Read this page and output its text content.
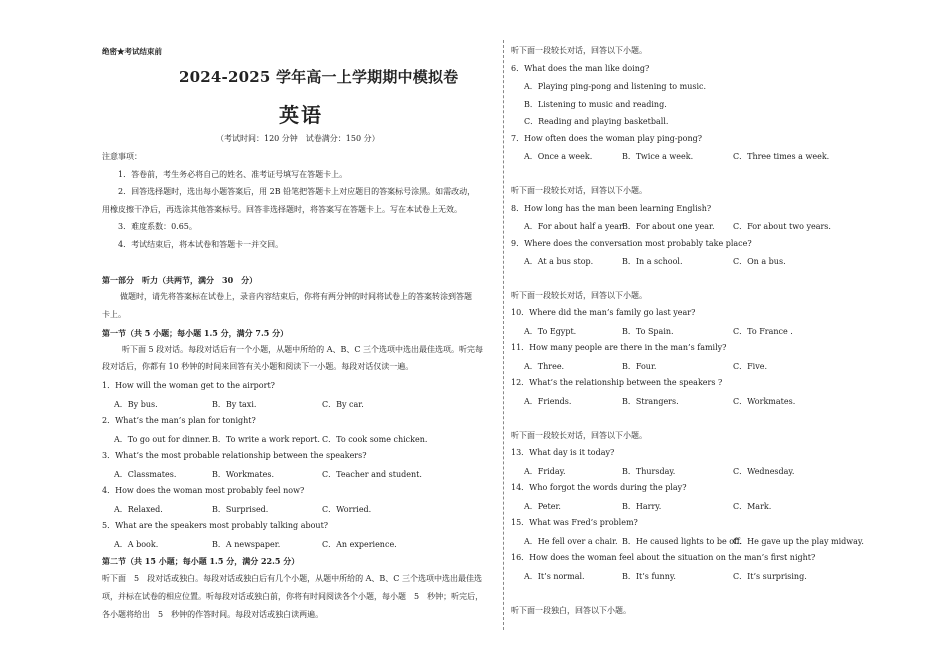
绝密★考试结束前
2024-2025 学年高一上学期期中模拟卷
英语
（考试时间：120 分钟　试卷满分：150 分）
注意事项：
1．答卷前，考生务必将自己的姓名、准考证号填写在答题卡上。
2．回答选择题时，选出每小题答案后，用 2B 铅笔把答题卡上对应题目的答案标号涂黑。如需改动，
用橡皮擦干净后，再选涂其他答案标号。回答非选择题时，将答案写在答题卡上。写在本试卷上无效。
3．难度系数：0.65。
4．考试结束后，将本试卷和答题卡一并交回。
第一部分　听力（共两节，满分　30　分）
做题时，请先将答案标在试卷上，录音内容结束后，你将有两分钟的时间将试卷上的答案转涂到答题
卡上。
第一节（共 5 小题；每小题 1.5 分，满分 7.5 分）
听下面 5 段对话。每段对话后有一个小题，从题中所给的 A、B、C 三个选项中选出最佳选项。听完每
段对话后，你都有 10 秒钟的时间来回答有关小题和阅读下一小题。每段对话仅读一遍。
1．How will the woman get to the airport?
A．By bus.	B．By taxi.	C．By car.
2．What’s the man’s plan for tonight?
A．To go out for dinner. B．To write a work report. C．To cook some chicken.
3．What’s the most probable relationship between the speakers?
A．Classmates.	B．Workmates.	C．Teacher and student.
4．How does the woman most probably feel now?
A．Relaxed.	B．Surprised.	C．Worried.
5．What are the speakers most probably talking about?
A．A book.	B．A newspaper.	C．An experience.
第二节（共 15 小题；每小题 1.5 分，满分 22.5 分）
听下面　5　段对话或独白。每段对话或独白后有几个小题，从题中所给的 A、B、C 三个选项中选出最佳选
项，并标在试卷的相应位置。听每段对话或独白前，你将有时间阅读各个小题，每小题　5　秒钟；听完后，
各小题将给出　5　秒钟的作答时间。每段对话或独白读两遍。
听下面一段较长对话，回答以下小题。
6．What does the man like doing?
A．Playing ping-pong and listening to music.
B．Listening to music and reading.
C．Reading and playing basketball.
7．How often does the woman play ping-pong?
A．Once a week.	B．Twice a week.	C．Three times a week.
听下面一段较长对话，回答以下小题。
8．How long has the man been learning English?
A．For about half a year.
B．For about one year. C．For about two years.
9．Where does the conversation most probably take place?
A．At a bus stop.	B．In a school.	C．On a bus.
听下面一段较长对话，回答以下小题。
10．Where did the man’s family go last year?
A．To Egypt.	B．To Spain.	C．To France .
11．How many people are there in the man’s family?
A．Three.	B．Four.	C．Five.
12．What’s the relationship between the speakers ?
A．Friends.	B．Strangers.	C．Workmates.
听下面一段较长对话，回答以下小题。
13．What day is it today?
A．Friday.	B．Thursday.	C．Wednesday.
14．Who forgot the words during the play?
A．Peter.	B．Harry.	C．Mark.
15．What was Fred’s problem?
A．He fell over a chair. B．He caused lights to be off.
C．He gave up the play midway.
16．How does the woman feel about the situation on the man’s first night?
A．It’s normal.	B．It’s funny.	C．It’s surprising.
听下面一段独白，回答以下小题。
